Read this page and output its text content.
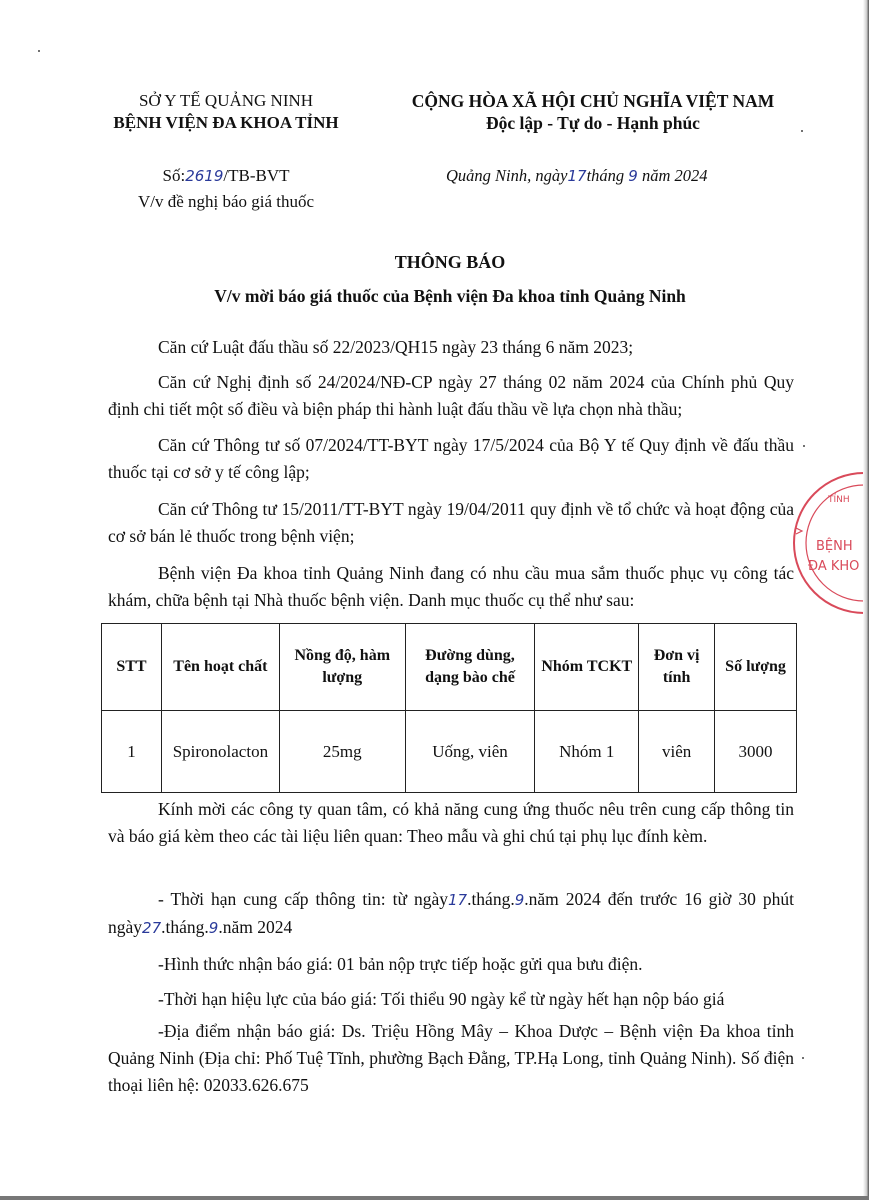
SỞ Y TẾ QUẢNG NINH
BỆNH VIỆN ĐA KHOA TỈNH
Số:2619/TB-BVT
V/v đề nghị báo giá thuốc
CỘNG HÒA XÃ HỘI CHỦ NGHĨA VIỆT NAM
Độc lập - Tự do - Hạnh phúc
Quảng Ninh, ngày17tháng 9 năm 2024
THÔNG BÁO
V/v mời báo giá thuốc của Bệnh viện Đa khoa tỉnh Quảng Ninh
Căn cứ Luật đấu thầu số 22/2023/QH15 ngày 23 tháng 6 năm 2023;
Căn cứ Nghị định số 24/2024/NĐ-CP ngày 27 tháng 02 năm 2024 của Chính phủ Quy định chi tiết một số điều và biện pháp thi hành luật đấu thầu về lựa chọn nhà thầu;
Căn cứ Thông tư số 07/2024/TT-BYT ngày 17/5/2024 của Bộ Y tế Quy định về đấu thầu thuốc tại cơ sở y tế công lập;
Căn cứ Thông tư 15/2011/TT-BYT ngày 19/04/2011 quy định về tổ chức và hoạt động của cơ sở bán lẻ thuốc trong bệnh viện;
Bệnh viện Đa khoa tỉnh Quảng Ninh đang có nhu cầu mua sắm thuốc phục vụ công tác khám, chữa bệnh tại Nhà thuốc bệnh viện. Danh mục thuốc cụ thể như sau:
STT	Tên hoạt chất	Nồng độ, hàm lượng	Đường dùng, dạng bào chế	Nhóm TCKT	Đơn vị tính	Số lượng
1	Spironolacton	25mg	Uống, viên	Nhóm 1	viên	3000
Kính mời các công ty quan tâm, có khả năng cung ứng thuốc nêu trên cung cấp thông tin và báo giá kèm theo các tài liệu liên quan: Theo mẫu và ghi chú tại phụ lục đính kèm.
- Thời hạn cung cấp thông tin: từ ngày17.tháng.9.năm 2024 đến trước 16 giờ 30 phút ngày27.tháng.9.năm 2024
-Hình thức nhận báo giá: 01 bản nộp trực tiếp hoặc gửi qua bưu điện.
-Thời hạn hiệu lực của báo giá: Tối thiểu 90 ngày kể từ ngày hết hạn nộp báo giá
-Địa điểm nhận báo giá: Ds. Triệu Hồng Mây – Khoa Dược – Bệnh viện Đa khoa tỉnh Quảng Ninh (Địa chỉ: Phố Tuệ Tĩnh, phường Bạch Đằng, TP.Hạ Long, tỉnh Quảng Ninh). Số điện thoại liên hệ: 02033.626.675
TỈNH
BỆNH
ĐA KHO
